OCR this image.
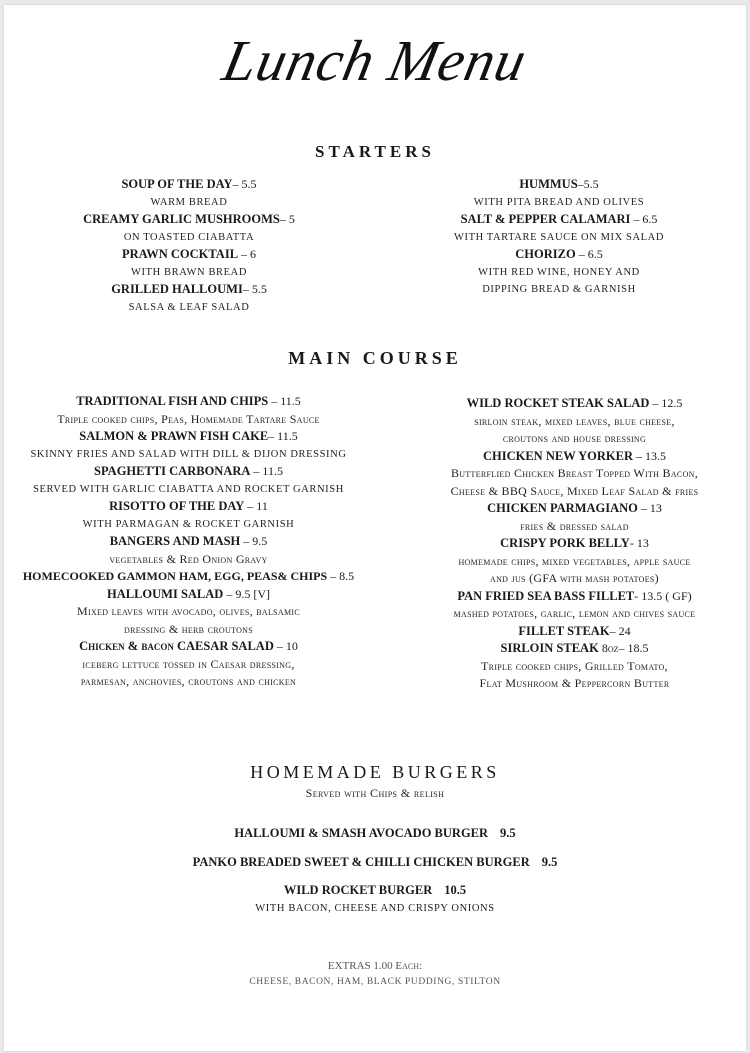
Lunch Menu
STARTERS
SOUP OF THE DAY– 5.5
WARM BREAD
CREAMY GARLIC MUSHROOMS– 5
ON TOASTED CIABATTA
PRAWN COCKTAIL – 6
WITH BRAWN BREAD
GRILLED HALLOUMI– 5.5
SALSA & LEAF SALAD
HUMMUS–5.5
WITH PITA BREAD AND OLIVES
SALT & PEPPER CALAMARI – 6.5
WITH TARTARE SAUCE ON MIX SALAD
CHORIZO – 6.5
WITH RED WINE, HONEY AND
DIPPING BREAD & GARNISH
MAIN COURSE
TRADITIONAL FISH AND CHIPS – 11.5
Triple cooked chips, Peas, Homemade Tartare Sauce
SALMON & PRAWN FISH CAKE– 11.5
SKINNY FRIES AND SALAD WITH DILL & DIJON DRESSING
SPAGHETTI CARBONARA – 11.5
SERVED WITH GARLIC CIABATTA AND ROCKET GARNISH
RISOTTO OF THE DAY – 11
WITH PARMAGAN & ROCKET GARNISH
BANGERS AND MASH – 9.5
vegetables & Red Onion Gravy
HOMECOOKED GAMMON HAM, EGG, PEAS& CHIPS – 8.5
HALLOUMI SALAD – 9.5 [V]
Mixed leaves with avocado, olives, balsamic
dressing & herb croutons
Chicken & bacon CAESAR SALAD – 10
iceberg lettuce tossed in Caesar dressing,
parmesan, anchovies, croutons and chicken
WILD ROCKET STEAK SALAD – 12.5
sirloin steak, mixed leaves, blue cheese,
croutons and house dressing
CHICKEN NEW YORKER – 13.5
Butterflied Chicken Breast Topped With Bacon,
Cheese & BBQ Sauce, Mixed Leaf Salad & fries
CHICKEN PARMAGIANO – 13
fries & dressed salad
CRISPY PORK BELLY- 13
homemade chips, mixed vegetables, apple sauce
and jus (GFA with mash potatoes)
PAN FRIED SEA BASS FILLET- 13.5 ( GF)
mashed potatoes, garlic, lemon and chives sauce
FILLET STEAK– 24
SIRLOIN STEAK 8oz– 18.5
Triple cooked chips, Grilled Tomato,
Flat Mushroom & Peppercorn Butter
HOMEMADE BURGERS
Served with Chips & relish
HALLOUMI & SMASH AVOCADO BURGER 9.5
PANKO BREADED SWEET & CHILLI CHICKEN BURGER 9.5
WILD ROCKET BURGER 10.5
WITH BACON, CHEESE AND CRISPY ONIONS
EXTRAS 1.00 Each:
CHEESE, BACON, HAM, BLACK PUDDING, STILTON
